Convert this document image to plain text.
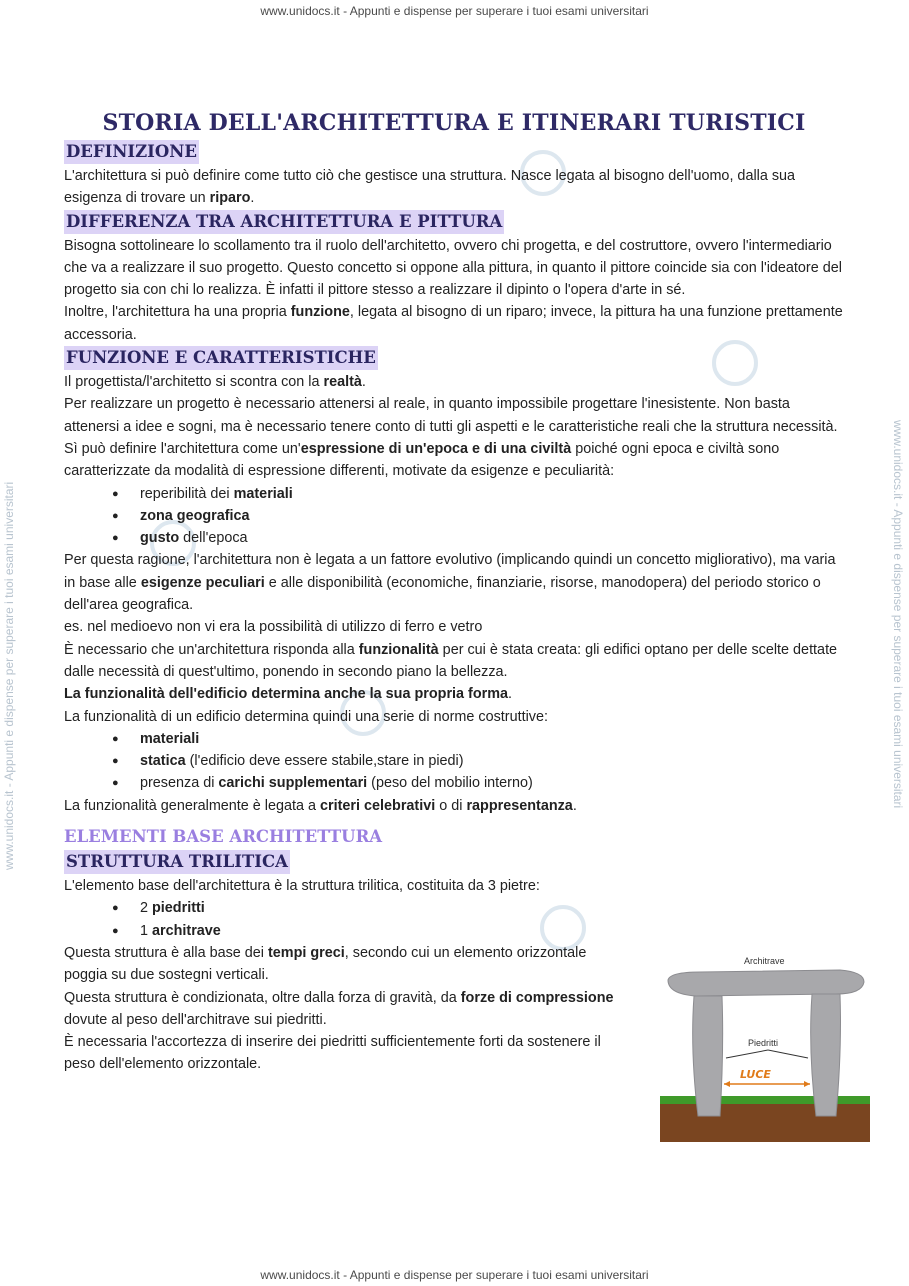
www.unidocs.it - Appunti e dispense per superare i tuoi esami universitari
www.unidocs.it - Appunti e dispense per superare i tuoi esami universitari
www.unidocs.it - Appunti e dispense per superare i tuoi esami universitari	www.unidocs.it - Appunti e dispense per superare i tuoi esami universitari
STORIA DELL'ARCHITETTURA E ITINERARI TURISTICI
DEFINIZIONE

L'architettura si può definire come tutto ciò che gestisce una struttura. Nasce legata al bisogno dell'uomo, dalla sua esigenza di trovare un riparo.

DIFFERENZA TRA ARCHITETTURA E PITTURA

Bisogna sottolineare lo scollamento tra il ruolo dell'architetto, ovvero chi progetta, e del costruttore, ovvero l'intermediario che va a realizzare il suo progetto. Questo concetto si oppone alla pittura, in quanto il pittore coincide sia con l'ideatore del progetto sia con chi lo realizza. È infatti il pittore stesso a realizzare il dipinto o l'opera d'arte in sé.

Inoltre, l'architettura ha una propria funzione, legata al bisogno di un riparo; invece, la pittura ha una funzione prettamente accessoria.

FUNZIONE E CARATTERISTICHE

Il progettista/l'architetto si scontra con la realtà.

Per realizzare un progetto è necessario attenersi al reale, in quanto impossibile progettare l'inesistente. Non basta attenersi a idee e sogni, ma è necessario tenere conto di tutti gli aspetti e le caratteristiche reali che la struttura necessità.

Sì può definire l'architettura come un'espressione di un'epoca e di una civiltà poiché ogni epoca e civiltà sono caratterizzate da modalità di espressione differenti, motivate da esigenze e peculiarità:

● reperibilità dei materiali
● zona geografica
● gusto dell'epoca

Per questa ragione, l'architettura non è legata a un fattore evolutivo (implicando quindi un concetto migliorativo), ma varia in base alle esigenze peculiari e alle disponibilità (economiche, finanziarie, risorse, manodopera) del periodo storico o dell'area geografica.

es. nel medioevo non vi era la possibilità di utilizzo di ferro e vetro

È necessario che un'architettura risponda alla funzionalità per cui è stata creata: gli edifici optano per delle scelte dettate dalle necessità di quest'ultimo, ponendo in secondo piano la bellezza.

La funzionalità dell'edificio determina anche la sua propria forma.

La funzionalità di un edificio determina quindi una serie di norme costruttive:

● materiali
● statica (l'edificio deve essere stabile,stare in piedi)
● presenza di carichi supplementari (peso del mobilio interno)

La funzionalità generalmente è legata a criteri celebrativi o di rappresentanza.

ELEMENTI BASE ARCHITETTURA
STRUTTURA TRILITICA

L'elemento base dell'architettura è la struttura trilitica, costituita da 3 pietre:

● 2 piedritti
● 1 architrave

Questa struttura è alla base dei tempi greci, secondo cui un elemento orizzontale poggia su due sostegni verticali.

Questa struttura è condizionata, oltre dalla forza di gravità, da forze di compressione dovute al peso dell'architrave sui piedritti.

È necessaria l'accortezza di inserire dei piedritti sufficientemente forti da sostenere il peso dell'elemento orizzontale.

Architrave
Piedritti
LUCE
